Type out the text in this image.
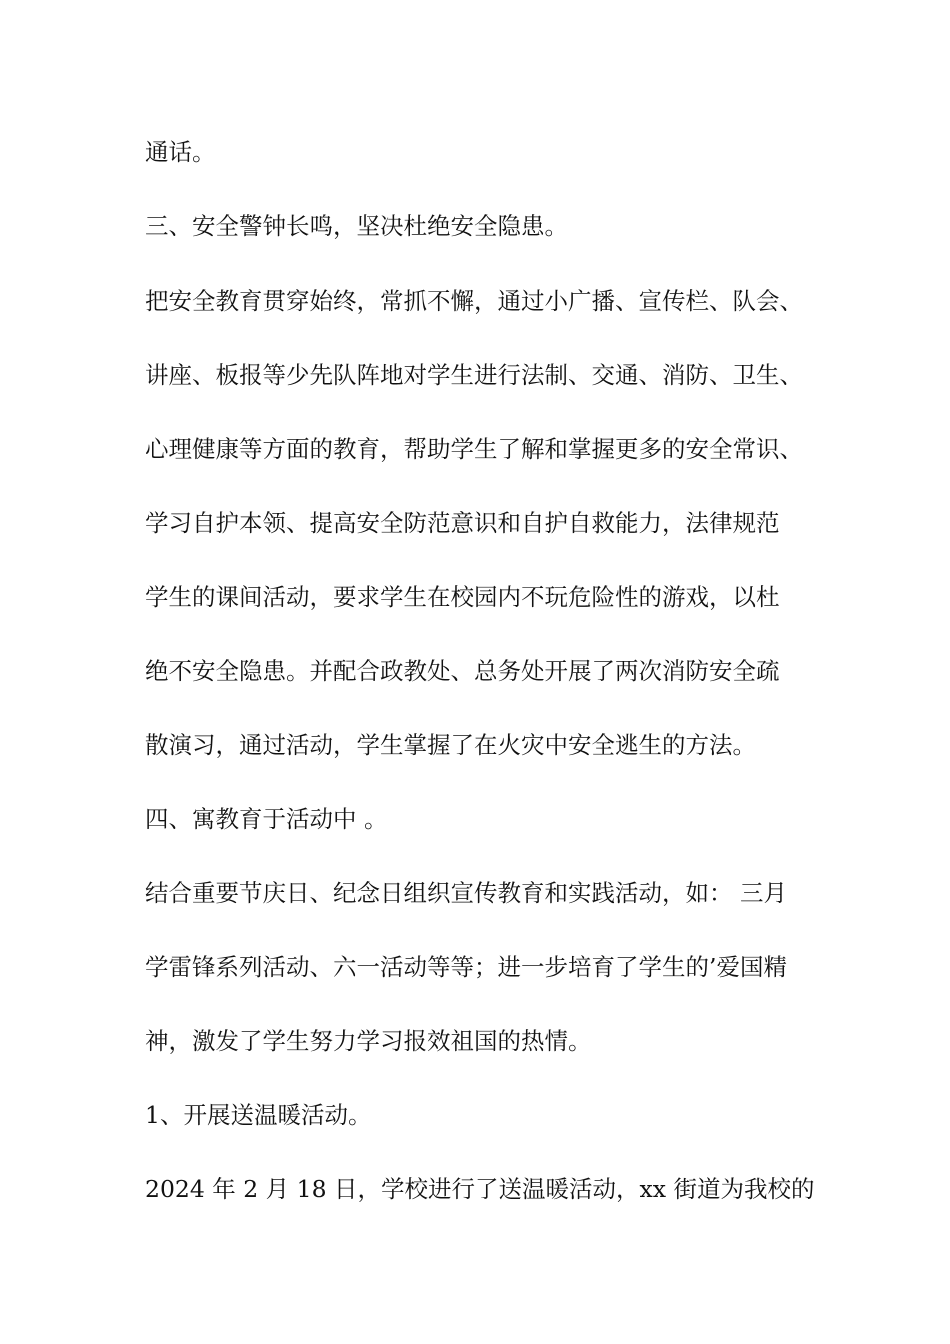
通话。
三、安全警钟长鸣，坚决杜绝安全隐患。
把安全教育贯穿始终，常抓不懈，通过小广播、宣传栏、队会、
讲座、板报等少先队阵地对学生进行法制、交通、消防、卫生、
心理健康等方面的教育，帮助学生了解和掌握更多的安全常识、
学习自护本领、提高安全防范意识和自护自救能力，法律规范
学生的课间活动，要求学生在校园内不玩危险性的游戏，以杜
绝不安全隐患。并配合政教处、总务处开展了两次消防安全疏
散演习，通过活动，学生掌握了在火灾中安全逃生的方法。
四、寓教育于活动中 。
结合重要节庆日、纪念日组织宣传教育和实践活动，如： 三月
学雷锋系列活动、六一活动等等；进一步培育了学生的’爱国精
神，激发了学生努力学习报效祖国的热情。
1、开展送温暖活动。
2024 年 2 月 18 日，学校进行了送温暖活动，xx 街道为我校的
